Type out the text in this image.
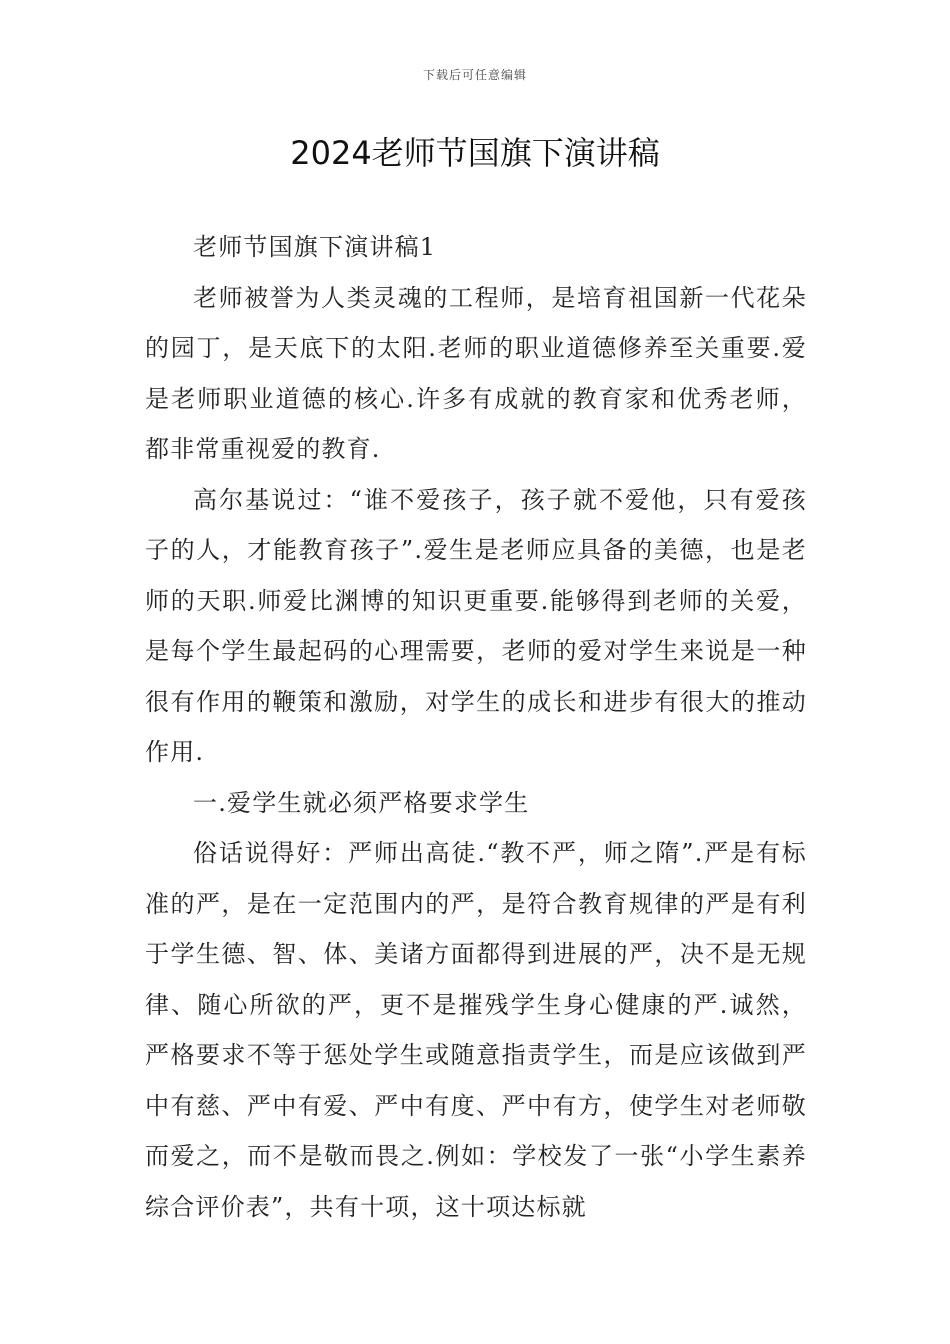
下载后可任意编辑
2024老师节国旗下演讲稿

老师节国旗下演讲稿1

老师被誉为人类灵魂的工程师，是培育祖国新一代花朵的园丁，是天底下的太阳.老师的职业道德修养至关重要.爱是老师职业道德的核心.许多有成就的教育家和优秀老师，都非常重视爱的教育.

高尔基说过：“谁不爱孩子，孩子就不爱他，只有爱孩子的人，才能教育孩子”.爱生是老师应具备的美德，也是老师的天职.师爱比渊博的知识更重要.能够得到老师的关爱，是每个学生最起码的心理需要，老师的爱对学生来说是一种很有作用的鞭策和激励，对学生的成长和进步有很大的推动作用.

一.爱学生就必须严格要求学生

俗话说得好：严师出高徒.“教不严，师之隋”.严是有标准的严，是在一定范围内的严，是符合教育规律的严是有利于学生德、智、体、美诸方面都得到进展的严，决不是无规律、随心所欲的严，更不是摧残学生身心健康的严.诚然，严格要求不等于惩处学生或随意指责学生，而是应该做到严中有慈、严中有爱、严中有度、严中有方，使学生对老师敬而爱之，而不是敬而畏之.例如：学校发了一张“小学生素养综合评价表”，共有十项，这十项达标就
